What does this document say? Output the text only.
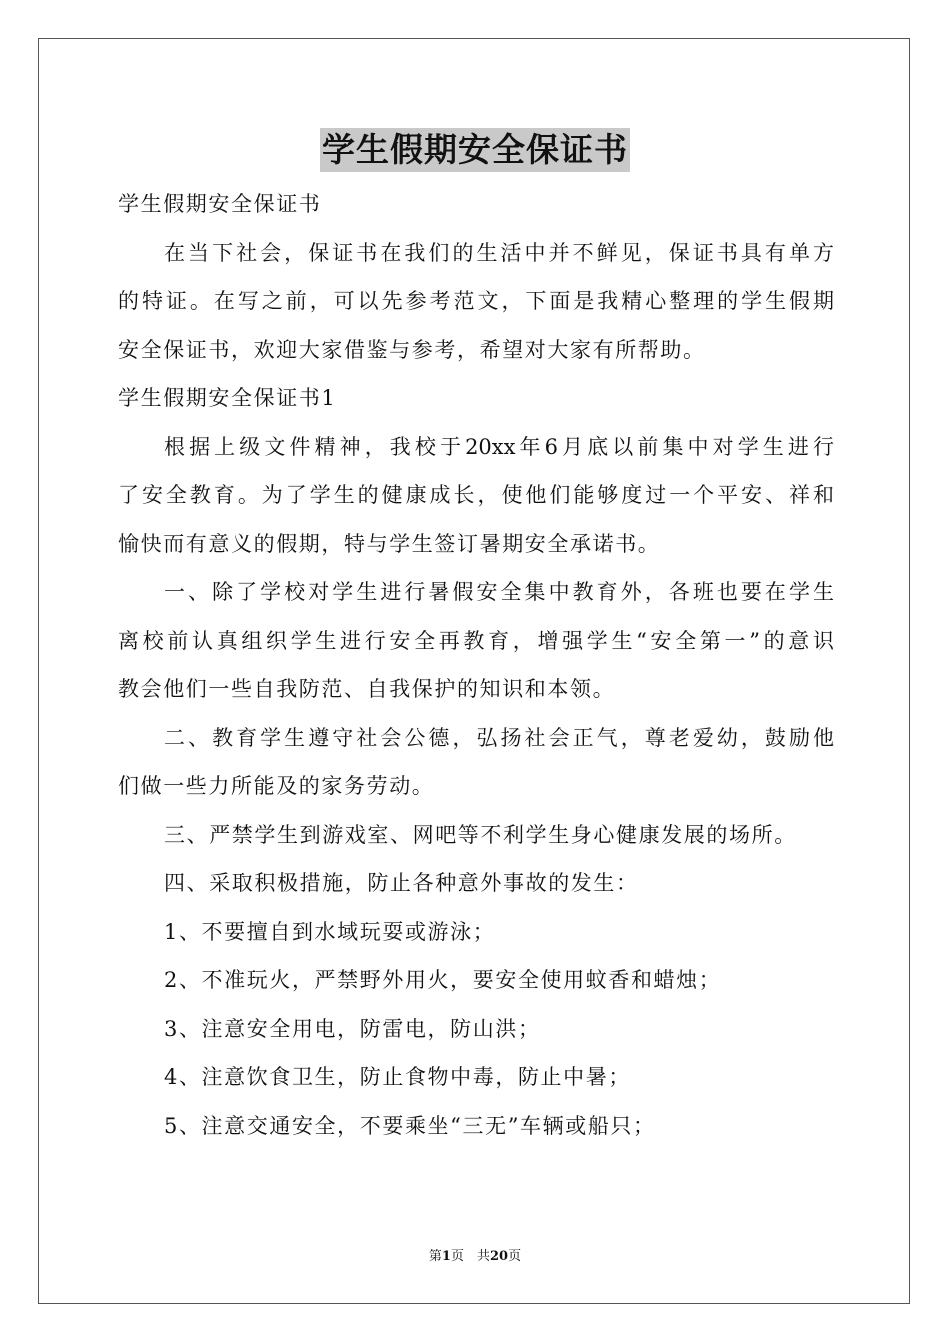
学生假期安全保证书
学生假期安全保证书
在当下社会，保证书在我们的生活中并不鲜见，保证书具有单方
的特证。在写之前，可以先参考范文，下面是我精心整理的学生假期
安全保证书，欢迎大家借鉴与参考，希望对大家有所帮助。
学生假期安全保证书1
根据上级文件精神，我校于20xx年6月底以前集中对学生进行
了安全教育。为了学生的健康成长，使他们能够度过一个平安、祥和
愉快而有意义的假期，特与学生签订暑期安全承诺书。
一、除了学校对学生进行暑假安全集中教育外，各班也要在学生
离校前认真组织学生进行安全再教育，增强学生“安全第一”的意识
教会他们一些自我防范、自我保护的知识和本领。
二、教育学生遵守社会公德，弘扬社会正气，尊老爱幼，鼓励他
们做一些力所能及的家务劳动。
三、严禁学生到游戏室、网吧等不利学生身心健康发展的场所。
四、采取积极措施，防止各种意外事故的发生：
1、不要擅自到水域玩耍或游泳；
2、不准玩火，严禁野外用火，要安全使用蚊香和蜡烛；
3、注意安全用电，防雷电，防山洪；
4、注意饮食卫生，防止食物中毒，防止中暑；
5、注意交通安全，不要乘坐“三无”车辆或船只；
第1页　共20页
